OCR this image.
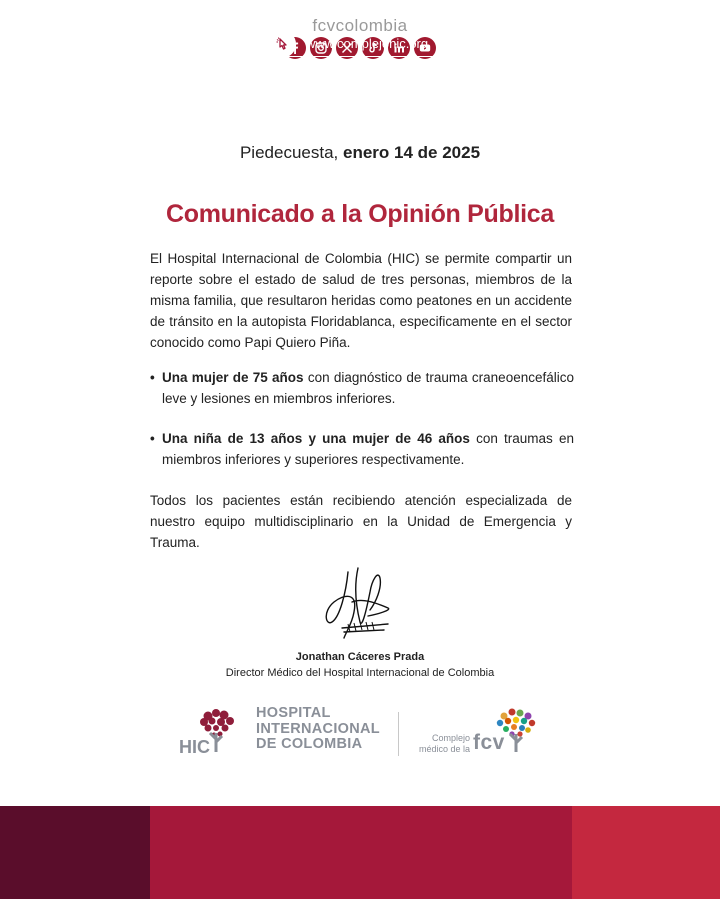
fcvcolombia
Piedecuesta, enero 14 de 2025
Comunicado a la Opinión Pública

El Hospital Internacional de Colombia (HIC) se permite compartir un reporte sobre el estado de salud de tres personas, miembros de la misma familia, que resultaron heridas como peatones en un accidente de tránsito en la autopista Floridablanca, especificamente en el sector conocido como Papi Quiero Piña.

• Una mujer de 75 años con diagnóstico de trauma craneoencefálico leve y lesiones en miembros inferiores.
• Una niña de 13 años y una mujer de 46 años con traumas en miembros inferiores y superiores respectivamente.

Todos los pacientes están recibiendo atención especializada de nuestro equipo multidisciplinario en la Unidad de Emergencia y Trauma.

Jonathan Cáceres Prada
Director Médico del Hospital Internacional de Colombia
HIC
HOSPITAL
INTERNACIONAL
DE COLOMBIA	Complejo
médico de la fcv
www.complejohic.org
